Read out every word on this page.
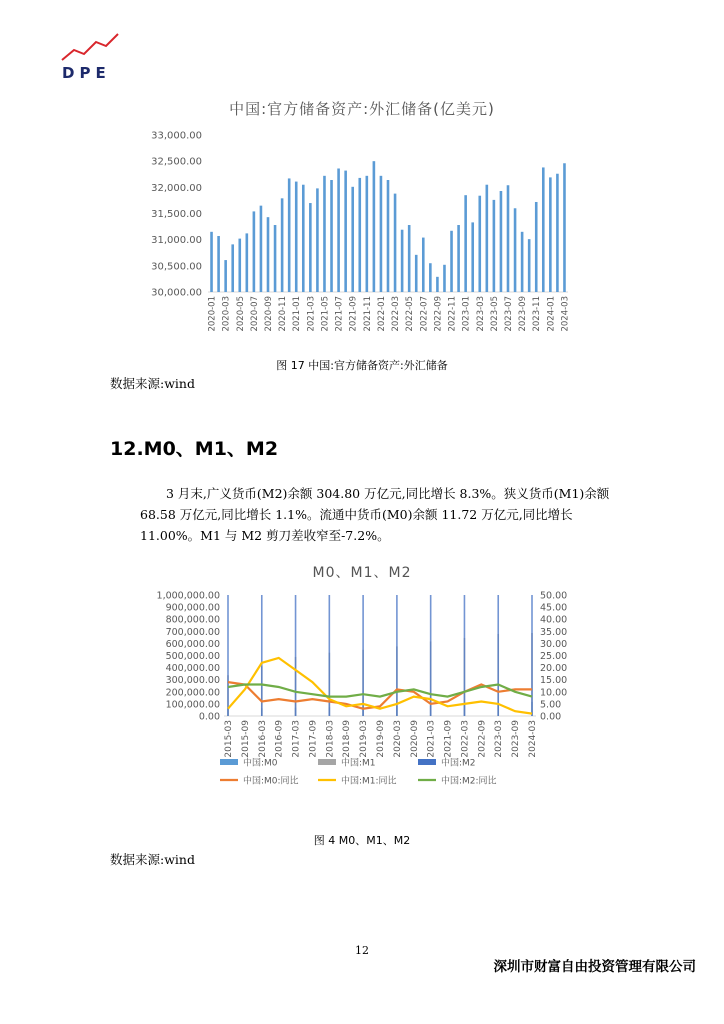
DPE
中国:官方储备资产:外汇储备(亿美元)
33,000.00
32,500.00
32,000.00
31,500.00
31,000.00
30,500.00
30,000.00
2020-01 2020-03 2020-05 2020-07 2020-09 2020-11 2021-01 2021-03 2021-05 2021-07 2021-09 2021-11 2022-01 2022-03 2022-05 2022-07 2022-09 2022-11 2023-01 2023-03 2023-05 2023-07 2023-09 2023-11 2024-01 2024-03
图 17 中国:官方储备资产:外汇储备
数据来源:wind
12.M0、M1、M2

3 月末,广义货币(M2)余额 304.80 万亿元,同比增长 8.3%。狭义货币(M1)余额 68.58 万亿元,同比增长 1.1%。流通中货币(M0)余额 11.72 万亿元,同比增长 11.00%。M1 与 M2 剪刀差收窄至-7.2%。

M0、M1、M2
1,000,000.00
900,000.00
800,000.00
700,000.00
600,000.00
500,000.00
400,000.00
300,000.00
200,000.00
100,000.00
0.00
50.00
45.00
40.00
35.00
30.00
25.00
20.00
15.00
10.00
5.00
0.00
2015-03 2015-09 2016-03 2016-09 2017-03 2017-09 2018-03 2018-09 2019-03 2019-09 2020-03 2020-09 2021-03 2021-09 2022-03 2022-09 2023-03 2023-09 2024-03
中国:M0	中国:M1	中国:M2
中国:M0:同比	中国:M1:同比	中国:M2:同比
图 4 M0、M1、M2
数据来源:wind
12
深圳市财富自由投资管理有限公司
